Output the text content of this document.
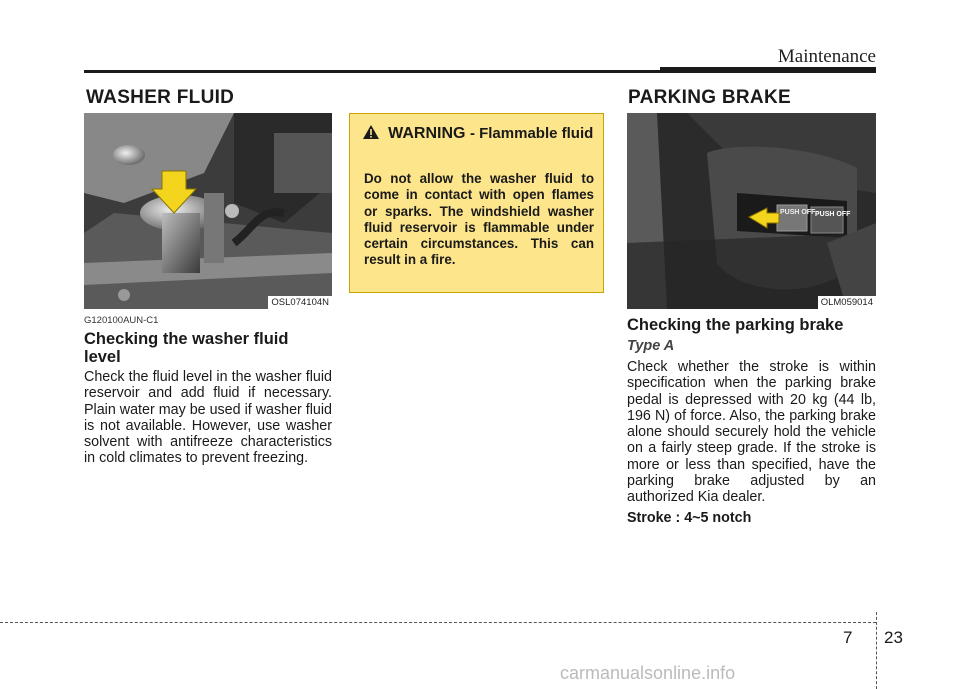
Maintenance
WASHER FLUID
OSL074104N
G120100AUN-C1
Checking the washer fluid level
Check the fluid level in the washer fluid reservoir and add fluid if necessary. Plain water may be used if washer fluid is not available. However, use washer solvent with antifreeze characteristics in cold climates to prevent freezing.
WARNING - Flammable fluid
Do not allow the washer fluid to come in contact with open flames or sparks. The windshield washer fluid reservoir is flammable under certain circumstances. This can result in a fire.
PARKING BRAKE
PUSH OFF PUSH OFF
OLM059014
Checking the parking brake
Type A
Check whether the stroke is within specification when the parking brake pedal is depressed with 20 kg (44 lb, 196 N) of force. Also, the parking brake alone should securely hold the vehicle on a fairly steep grade. If the stroke is more or less than specified, have the parking brake adjusted by an authorized Kia dealer.
Stroke : 4~5 notch
7 23
carmanualsonline.info
